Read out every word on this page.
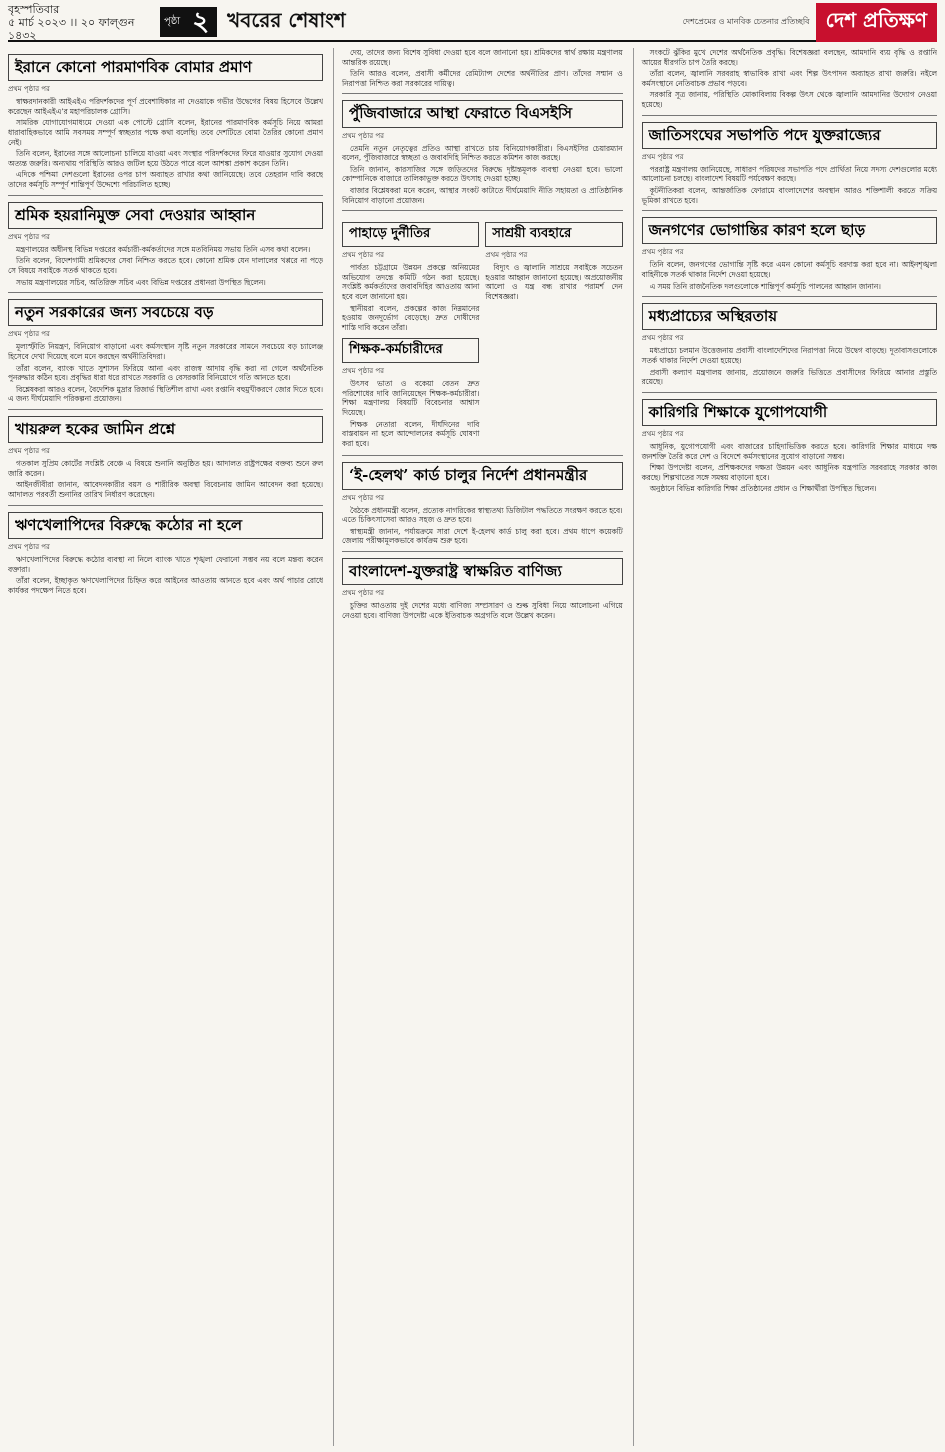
বৃহস্পতিবার
৫ মার্চ ২০২৩ ।। ২০ ফাল্গুন ১৪৩২
পৃষ্ঠা ২ খবরের শেষাংশ	দেশপ্রেমের ও মানবিক চেতনার প্রতিচ্ছবি দেশ প্রতিক্ষণ
ইরানে কোনো পারমাণবিক বোমার প্রমাণ
প্রথম পৃষ্ঠার পর

স্বাক্ষরদানকারী আইএইএ পরিদর্শকদের পূর্ণ প্রবেশাধিকার না দেওয়াকে গভীর উদ্বেগের বিষয় হিসেবে উল্লেখ করেছেন আইএইএ’র মহাপরিচালক গ্রোসি।

সামরিক যোগাযোগমাধ্যমে দেওয়া এক পোস্টে গ্রোসি বলেন, ইরানের পারমাণবিক কর্মসূচি নিয়ে আমরা ধারাবাহিকভাবে আমি সবসময় সম্পূর্ণ স্বচ্ছতার পক্ষে কথা বলেছি। তবে দেশটিতে বোমা তৈরির কোনো প্রমাণ নেই।

তিনি বলেন, ইরানের সঙ্গে আলোচনা চালিয়ে যাওয়া এবং সংস্থার পরিদর্শকদের ফিরে যাওয়ার সুযোগ দেওয়া অত্যন্ত জরুরি। অন্যথায় পরিস্থিতি আরও জটিল হয়ে উঠতে পারে বলে আশঙ্কা প্রকাশ করেন তিনি।

এদিকে পশ্চিমা দেশগুলো ইরানের ওপর চাপ অব্যাহত রাখার কথা জানিয়েছে। তবে তেহরান দাবি করছে তাদের কর্মসূচি সম্পূর্ণ শান্তিপূর্ণ উদ্দেশ্যে পরিচালিত হচ্ছে।

শ্রমিক হয়রানিমুক্ত সেবা দেওয়ার আহ্বান
প্রথম পৃষ্ঠার পর

মন্ত্রণালয়ের অধীনস্থ বিভিন্ন দপ্তরের কর্মচারী-কর্মকর্তাদের সঙ্গে মতবিনিময় সভায় তিনি এসব কথা বলেন।

তিনি বলেন, বিদেশগামী শ্রমিকদের সেবা নিশ্চিত করতে হবে। কোনো শ্রমিক যেন দালালের খপ্পরে না পড়ে সে বিষয়ে সবাইকে সতর্ক থাকতে হবে।

সভায় মন্ত্রণালয়ের সচিব, অতিরিক্ত সচিব এবং বিভিন্ন দপ্তরের প্রধানরা উপস্থিত ছিলেন।

নতুন সরকারের জন্য সবচেয়ে বড়
প্রথম পৃষ্ঠার পর

মূল্যস্ফীতি নিয়ন্ত্রণ, বিনিয়োগ বাড়ানো এবং কর্মসংস্থান সৃষ্টি নতুন সরকারের সামনে সবচেয়ে বড় চ্যালেঞ্জ হিসেবে দেখা দিয়েছে বলে মনে করছেন অর্থনীতিবিদরা।

তাঁরা বলেন, ব্যাংক খাতে সুশাসন ফিরিয়ে আনা এবং রাজস্ব আদায় বৃদ্ধি করা না গেলে অর্থনৈতিক পুনরুদ্ধার কঠিন হবে। প্রবৃদ্ধির ধারা ধরে রাখতে সরকারি ও বেসরকারি বিনিয়োগে গতি আনতে হবে।

বিশ্লেষকরা আরও বলেন, বৈদেশিক মুদ্রার রিজার্ভ স্থিতিশীল রাখা এবং রপ্তানি বহুমুখীকরণে জোর দিতে হবে। এ জন্য দীর্ঘমেয়াদি পরিকল্পনা প্রয়োজন।

খায়রুল হকের জামিন প্রশ্নে
প্রথম পৃষ্ঠার পর

গতকাল সুপ্রিম কোর্টের সংশ্লিষ্ট বেঞ্চে এ বিষয়ে শুনানি অনুষ্ঠিত হয়। আদালত রাষ্ট্রপক্ষের বক্তব্য শুনে রুল জারি করেন।

আইনজীবীরা জানান, আবেদনকারীর বয়স ও শারীরিক অবস্থা বিবেচনায় জামিন আবেদন করা হয়েছে। আদালত পরবর্তী শুনানির তারিখ নির্ধারণ করেছেন।

ঋণখেলাপিদের বিরুদ্ধে কঠোর না হলে
প্রথম পৃষ্ঠার পর

ঋণখেলাপিদের বিরুদ্ধে কঠোর ব্যবস্থা না নিলে ব্যাংক খাতে শৃঙ্খলা ফেরানো সম্ভব নয় বলে মন্তব্য করেন বক্তারা।

তাঁরা বলেন, ইচ্ছাকৃত ঋণখেলাপিদের চিহ্নিত করে আইনের আওতায় আনতে হবে এবং অর্থ পাচার রোধে কার্যকর পদক্ষেপ নিতে হবে।

দেয়, তাদের জন্য বিশেষ সুবিধা দেওয়া হবে বলে জানানো হয়। শ্রমিকদের স্বার্থ রক্ষায় মন্ত্রণালয় আন্তরিক রয়েছে।

তিনি আরও বলেন, প্রবাসী কর্মীদের রেমিট্যান্স দেশের অর্থনীতির প্রাণ। তাঁদের সম্মান ও নিরাপত্তা নিশ্চিত করা সরকারের দায়িত্ব।

পুঁজিবাজারে আস্থা ফেরাতে বিএসইসি
প্রথম পৃষ্ঠার পর

তেমনি নতুন নেতৃত্বের প্রতিও আস্থা রাখতে চায় বিনিয়োগকারীরা। বিএসইসির চেয়ারম্যান বলেন, পুঁজিবাজারে স্বচ্ছতা ও জবাবদিহি নিশ্চিত করতে কমিশন কাজ করছে।

তিনি জানান, কারসাজির সঙ্গে জড়িতদের বিরুদ্ধে দৃষ্টান্তমূলক ব্যবস্থা নেওয়া হবে। ভালো কোম্পানিকে বাজারে তালিকাভুক্ত করতে উৎসাহ দেওয়া হচ্ছে।

বাজার বিশ্লেষকরা মনে করেন, আস্থার সংকট কাটাতে দীর্ঘমেয়াদি নীতি সহায়তা ও প্রাতিষ্ঠানিক বিনিয়োগ বাড়ানো প্রয়োজন।

পাহাড়ে দুর্নীতির
প্রথম পৃষ্ঠার পর

পার্বত্য চট্টগ্রামে উন্নয়ন প্রকল্পে অনিয়মের অভিযোগ তদন্তে কমিটি গঠন করা হয়েছে। সংশ্লিষ্ট কর্মকর্তাদের জবাবদিহির আওতায় আনা হবে বলে জানানো হয়।

স্থানীয়রা বলেন, প্রকল্পের কাজ নিম্নমানের হওয়ায় জনদুর্ভোগ বেড়েছে। দ্রুত দোষীদের শাস্তি দাবি করেন তাঁরা।

শিক্ষক-কর্মচারীদের
প্রথম পৃষ্ঠার পর

উৎসব ভাতা ও বকেয়া বেতন দ্রুত পরিশোধের দাবি জানিয়েছেন শিক্ষক-কর্মচারীরা। শিক্ষা মন্ত্রণালয় বিষয়টি বিবেচনার আশ্বাস দিয়েছে।

শিক্ষক নেতারা বলেন, দীর্ঘদিনের দাবি বাস্তবায়ন না হলে আন্দোলনের কর্মসূচি ঘোষণা করা হবে।

সাশ্রয়ী ব্যবহারে
প্রথম পৃষ্ঠার পর

বিদ্যুৎ ও জ্বালানি সাশ্রয়ে সবাইকে সচেতন হওয়ার আহ্বান জানানো হয়েছে। অপ্রয়োজনীয় আলো ও যন্ত্র বন্ধ রাখার পরামর্শ দেন বিশেষজ্ঞরা।

‘ই-হেলথ’ কার্ড চালুর নির্দেশ প্রধানমন্ত্রীর
প্রথম পৃষ্ঠার পর

বৈঠকে প্রধানমন্ত্রী বলেন, প্রত্যেক নাগরিকের স্বাস্থ্যতথ্য ডিজিটাল পদ্ধতিতে সংরক্ষণ করতে হবে। এতে চিকিৎসাসেবা আরও সহজ ও দ্রুত হবে।

স্বাস্থ্যমন্ত্রী জানান, পর্যায়ক্রমে সারা দেশে ই-হেলথ কার্ড চালু করা হবে। প্রথম ধাপে কয়েকটি জেলায় পরীক্ষামূলকভাবে কার্যক্রম শুরু হবে।

বাংলাদেশ-যুক্তরাষ্ট্র স্বাক্ষরিত বাণিজ্য
প্রথম পৃষ্ঠার পর

চুক্তির আওতায় দুই দেশের মধ্যে বাণিজ্য সম্প্রসারণ ও শুল্ক সুবিধা নিয়ে আলোচনা এগিয়ে নেওয়া হবে। বাণিজ্য উপদেষ্টা একে ইতিবাচক অগ্রগতি বলে উল্লেখ করেন।

সংকটে ঝুঁকির মুখে দেশের অর্থনৈতিক প্রবৃদ্ধি। বিশেষজ্ঞরা বলছেন, আমদানি ব্যয় বৃদ্ধি ও রপ্তানি আয়ের ধীরগতি চাপ তৈরি করছে।

তাঁরা বলেন, জ্বালানি সরবরাহ স্বাভাবিক রাখা এবং শিল্প উৎপাদন অব্যাহত রাখা জরুরি। নইলে কর্মসংস্থানে নেতিবাচক প্রভাব পড়বে।

সরকারি সূত্র জানায়, পরিস্থিতি মোকাবিলায় বিকল্প উৎস থেকে জ্বালানি আমদানির উদ্যোগ নেওয়া হয়েছে।

জাতিসংঘের সভাপতি পদে যুক্তরাজ্যের
প্রথম পৃষ্ঠার পর

পররাষ্ট্র মন্ত্রণালয় জানিয়েছে, সাধারণ পরিষদের সভাপতি পদে প্রার্থিতা নিয়ে সদস্য দেশগুলোর মধ্যে আলোচনা চলছে। বাংলাদেশ বিষয়টি পর্যবেক্ষণ করছে।

কূটনীতিকরা বলেন, আন্তর্জাতিক ফোরামে বাংলাদেশের অবস্থান আরও শক্তিশালী করতে সক্রিয় ভূমিকা রাখতে হবে।

জনগণের ভোগান্তির কারণ হলে ছাড়
প্রথম পৃষ্ঠার পর

তিনি বলেন, জনগণের ভোগান্তি সৃষ্টি করে এমন কোনো কর্মসূচি বরদাস্ত করা হবে না। আইনশৃঙ্খলা বাহিনীকে সতর্ক থাকার নির্দেশ দেওয়া হয়েছে।

এ সময় তিনি রাজনৈতিক দলগুলোকে শান্তিপূর্ণ কর্মসূচি পালনের আহ্বান জানান।

মধ্যপ্রাচ্যের অস্থিরতায়
প্রথম পৃষ্ঠার পর

মধ্যপ্রাচ্যে চলমান উত্তেজনায় প্রবাসী বাংলাদেশিদের নিরাপত্তা নিয়ে উদ্বেগ বাড়ছে। দূতাবাসগুলোকে সতর্ক থাকার নির্দেশ দেওয়া হয়েছে।

প্রবাসী কল্যাণ মন্ত্রণালয় জানায়, প্রয়োজনে জরুরি ভিত্তিতে প্রবাসীদের ফিরিয়ে আনার প্রস্তুতি রয়েছে।

কারিগরি শিক্ষাকে যুগোপযোগী
প্রথম পৃষ্ঠার পর

আধুনিক, যুগোপযোগী এবং বাজারের চাহিদাভিত্তিক করতে হবে। কারিগরি শিক্ষার মাধ্যমে দক্ষ জনশক্তি তৈরি করে দেশ ও বিদেশে কর্মসংস্থানের সুযোগ বাড়ানো সম্ভব।

শিক্ষা উপদেষ্টা বলেন, প্রশিক্ষকদের দক্ষতা উন্নয়ন এবং আধুনিক যন্ত্রপাতি সরবরাহে সরকার কাজ করছে। শিল্পখাতের সঙ্গে সমন্বয় বাড়ানো হবে।

অনুষ্ঠানে বিভিন্ন কারিগরি শিক্ষা প্রতিষ্ঠানের প্রধান ও শিক্ষার্থীরা উপস্থিত ছিলেন।
